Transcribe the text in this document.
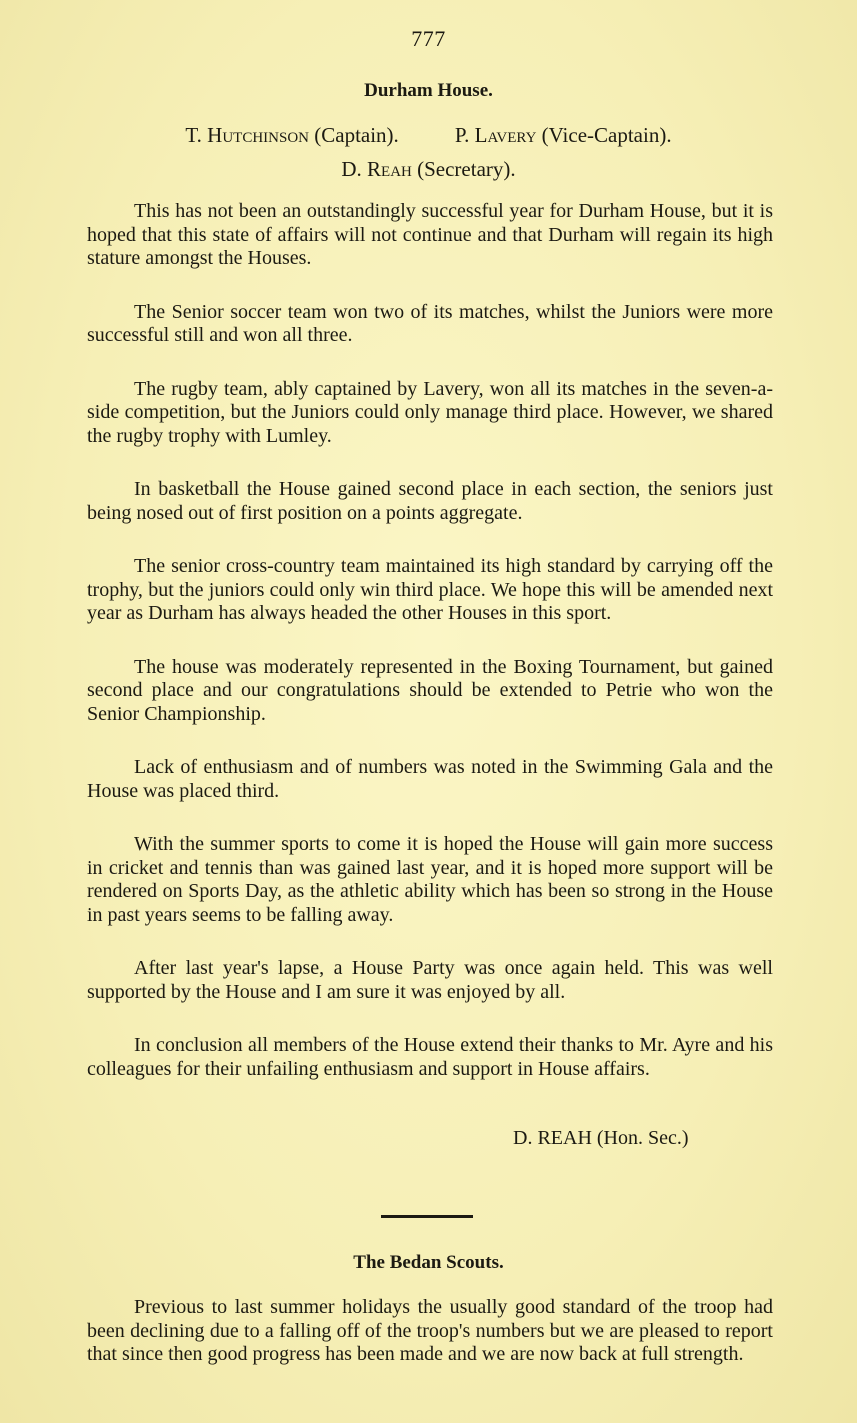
777
Durham House.
T. Hutchinson (Captain).	P. Lavery (Vice-Captain).
D. Reah (Secretary).

This has not been an outstandingly successful year for Durham House, but it is hoped that this state of affairs will not continue and that Durham will regain its high stature amongst the Houses.

The Senior soccer team won two of its matches, whilst the Juniors were more successful still and won all three.

The rugby team, ably captained by Lavery, won all its matches in the seven-a-side competition, but the Juniors could only manage third place. However, we shared the rugby trophy with Lumley.

In basketball the House gained second place in each section, the seniors just being nosed out of first position on a points aggregate.

The senior cross-country team maintained its high standard by carrying off the trophy, but the juniors could only win third place. We hope this will be amended next year as Durham has always headed the other Houses in this sport.

The house was moderately represented in the Boxing Tournament, but gained second place and our congratulations should be extended to Petrie who won the Senior Championship.

Lack of enthusiasm and of numbers was noted in the Swimming Gala and the House was placed third.

With the summer sports to come it is hoped the House will gain more success in cricket and tennis than was gained last year, and it is hoped more support will be rendered on Sports Day, as the athletic ability which has been so strong in the House in past years seems to be falling away.

After last year's lapse, a House Party was once again held. This was well supported by the House and I am sure it was enjoyed by all.

In conclusion all members of the House extend their thanks to Mr. Ayre and his colleagues for their unfailing enthusiasm and support in House affairs.

D. REAH (Hon. Sec.)
The Bedan Scouts.

Previous to last summer holidays the usually good standard of the troop had been declining due to a falling off of the troop's numbers but we are pleased to report that since then good progress has been made and we are now back at full strength.
